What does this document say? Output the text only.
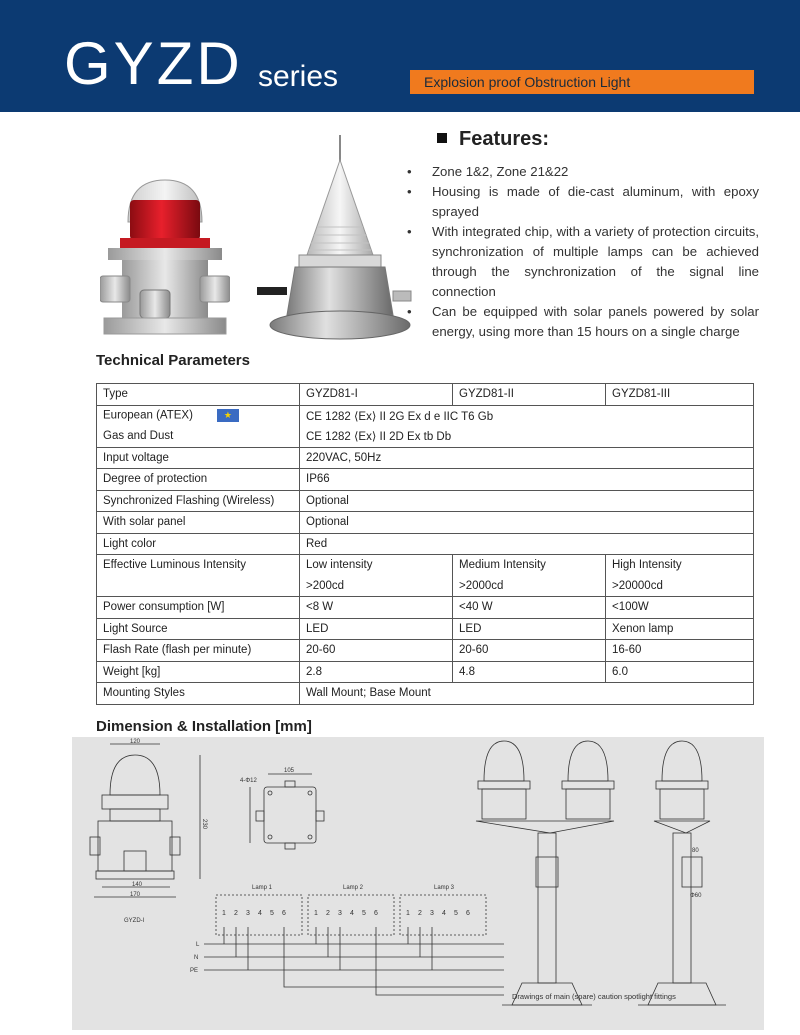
GYZD series	Explosion proof Obstruction Light
Features:
• Zone 1&2, Zone 21&22
• Housing is made of die-cast aluminum, with epoxy sprayed
• With integrated chip, with a variety of protection circuits, synchronization of multiple lamps can be achieved through the synchronization of the signal line connection
• Can be equipped with solar panels powered by solar energy, using more than 15 hours on a single charge
Technical Parameters
Type	GYZD81-I	GYZD81-II	GYZD81-III
European (ATEX) ★	CE 1282 ⟨Ex⟩ II 2G Ex d e IIC T6 Gb		
Gas and Dust	CE 1282 ⟨Ex⟩ II 2D Ex tb Db		
Input voltage	220VAC, 50Hz		
Degree of protection	IP66		
Synchronized Flashing (Wireless)	Optional		
With solar panel	Optional		
Light color	Red		
Effective Luminous Intensity	Low intensity	Medium Intensity	High Intensity
	>200cd	>2000cd	>20000cd
Power consumption [W]	<8 W	<40 W	<100W
Light Source	LED	LED	Xenon lamp
Flash Rate (flash per minute)	20-60	20-60	16-60
Weight [kg]	2.8	4.8	6.0
Mounting Styles	Wall Mount; Base Mount		
Dimension & Installation [mm]
120
230
140
170
GYZD-I
4-Φ12
105
Lamp 1	Lamp 2	Lamp 3
1 2 3 4 5 6	1 2 3 4 5 6	1 2 3 4 5 6
L
N
PE
80
Φ60
Drawings of main (spare) caution spotlight fittings
